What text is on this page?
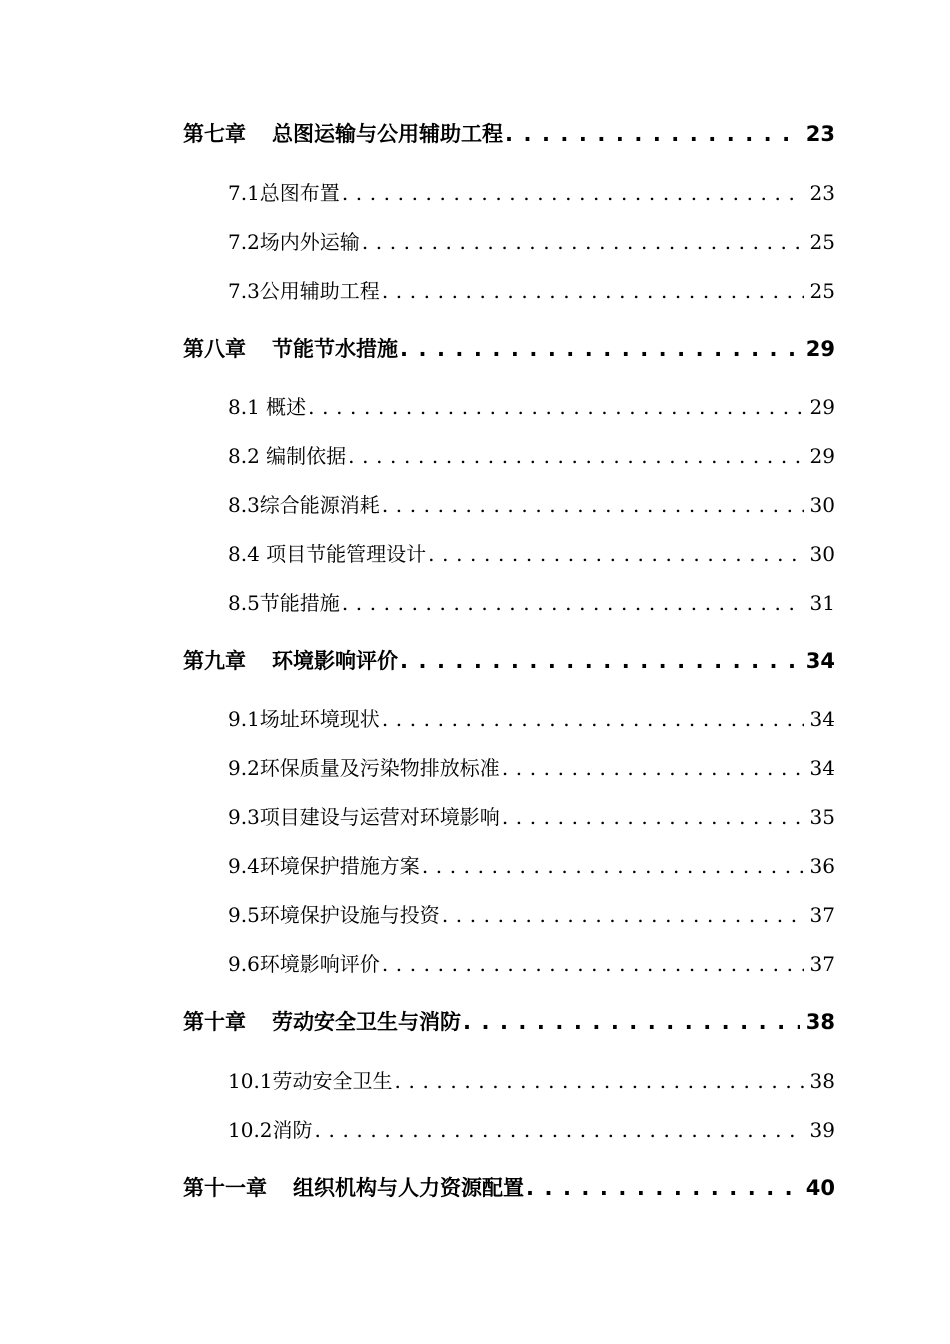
第七章 总图运输与公用辅助工程 .....	23
7.1总图布置 .....	23
7.2场内外运输 .....	25
7.3公用辅助工程 .....	25
第八章 节能节水措施 .....	29
8.1 概述 .....	29
8.2 编制依据 .....	29
8.3综合能源消耗 .....	30
8.4 项目节能管理设计 .....	30
8.5节能措施 .....	31
第九章 环境影响评价 .....	34
9.1场址环境现状 .....	34
9.2环保质量及污染物排放标准 .....	34
9.3项目建设与运营对环境影响 .....	35
9.4环境保护措施方案 .....	36
9.5环境保护设施与投资 .....	37
9.6环境影响评价 .....	37
第十章 劳动安全卫生与消防 .....	38
10.1劳动安全卫生 .....	38
10.2消防 .....	39
第十一章 组织机构与人力资源配置 .....	40
